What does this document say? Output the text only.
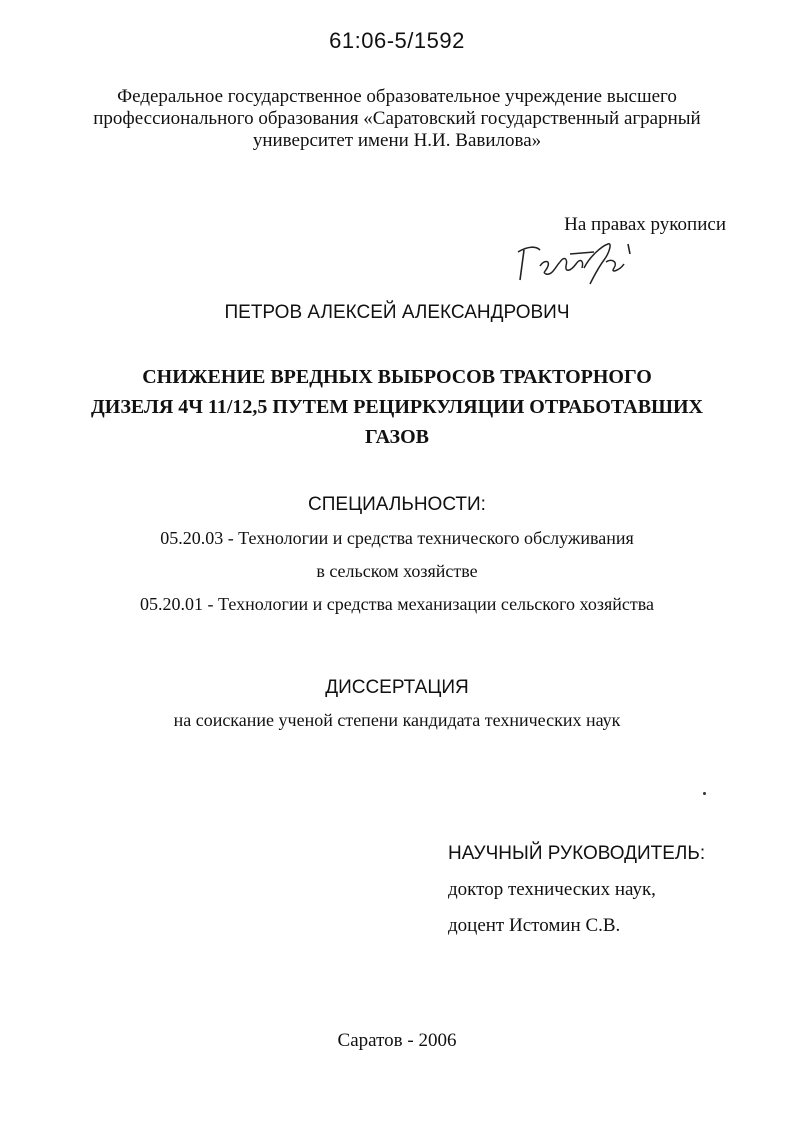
61:06-5/1592
Федеральное государственное образовательное учреждение высшего
профессионального образования «Саратовский государственный аграрный
университет имени Н.И. Вавилова»
На правах рукописи
ПЕТРОВ АЛЕКСЕЙ АЛЕКСАНДРОВИЧ
СНИЖЕНИЕ ВРЕДНЫХ ВЫБРОСОВ ТРАКТОРНОГО
ДИЗЕЛЯ 4Ч 11/12,5 ПУТЕМ РЕЦИРКУЛЯЦИИ ОТРАБОТАВШИХ
ГАЗОВ
СПЕЦИАЛЬНОСТИ:
05.20.03 - Технологии и средства технического обслуживания
в сельском хозяйстве
05.20.01 - Технологии и средства механизации сельского хозяйства
ДИССЕРТАЦИЯ
на соискание ученой степени кандидата технических наук
НАУЧНЫЙ РУКОВОДИТЕЛЬ:
доктор технических наук,
доцент Истомин С.В.
Саратов - 2006
